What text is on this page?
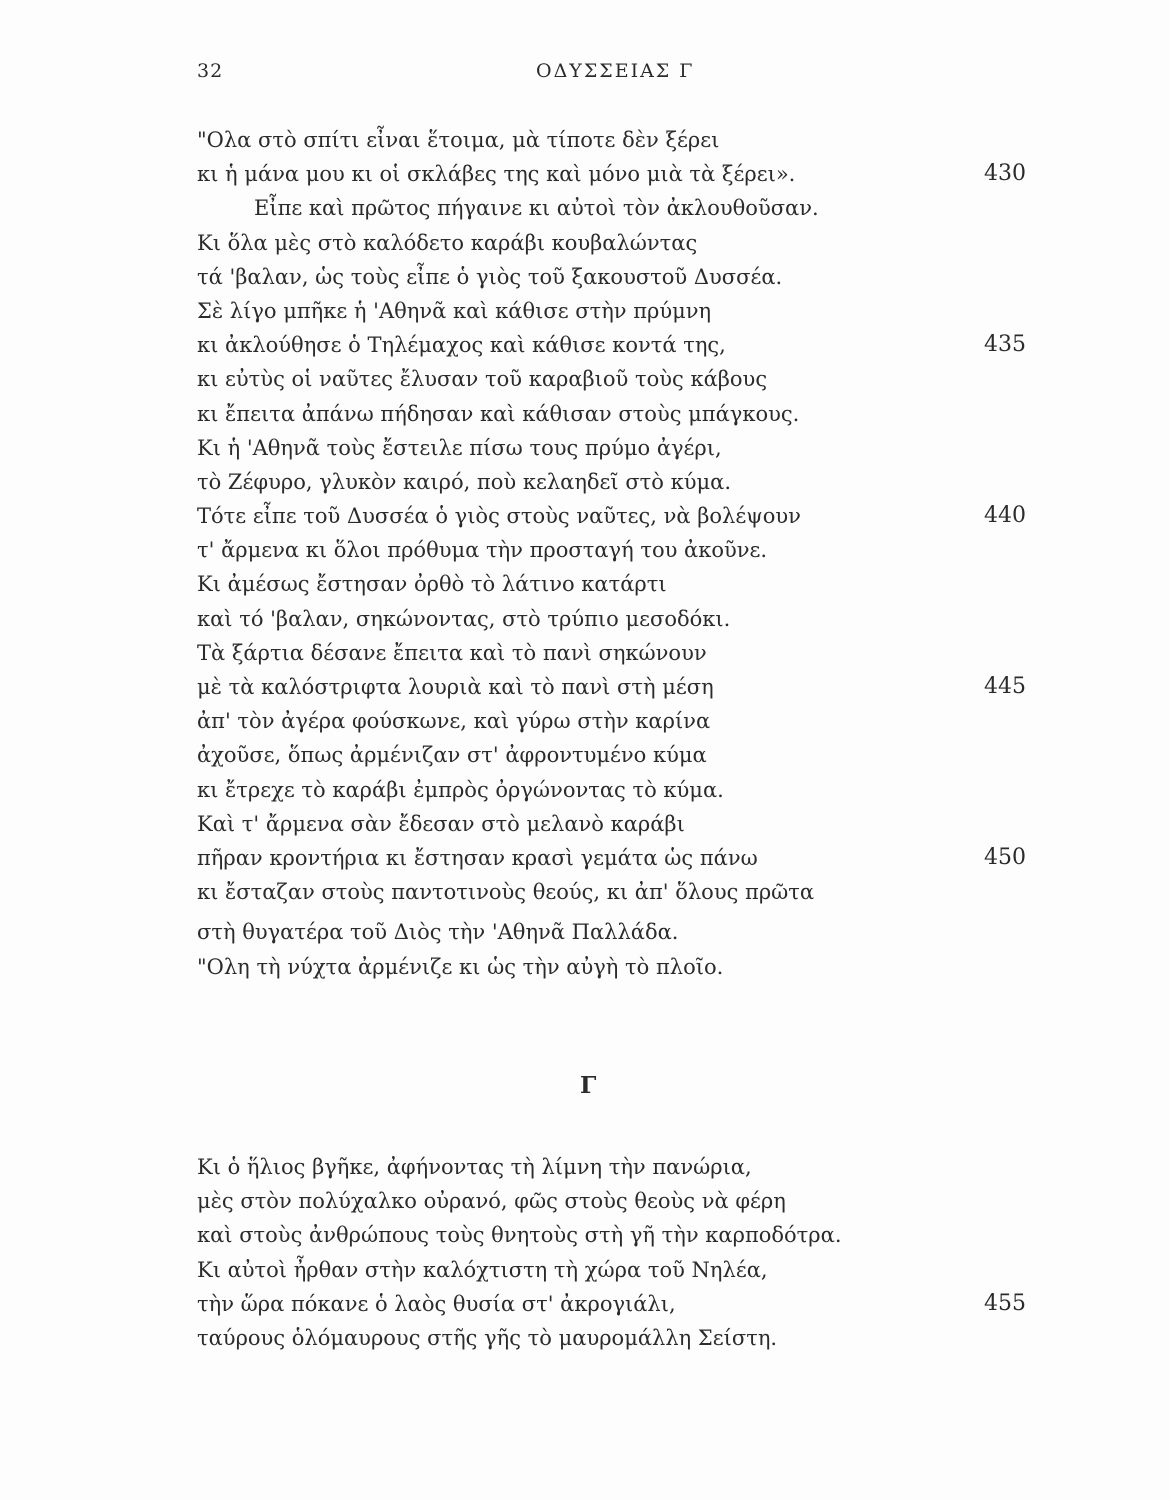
32	ΟΔΥΣΣΕΙΑΣ Γ
"Ολα στὸ σπίτι εἶναι ἕτοιμα, μὰ τίποτε δὲν ξέρει
κι ἡ μάνα μου κι οἱ σκλάβες της καὶ μόνο μιὰ τὰ ξέρει».	430
Εἶπε καὶ πρῶτος πήγαινε κι αὐτοὶ τὸν ἀκλουθοῦσαν.
Κι ὅλα μὲς στὸ καλόδετο καράβι κουβαλώντας
τά 'βαλαν, ὡς τοὺς εἶπε ὁ γιὸς τοῦ ξακουστοῦ Δυσσέα.
Σὲ λίγο μπῆκε ἡ 'Αθηνᾶ καὶ κάθισε στὴν πρύμνη
κι ἀκλούθησε ὁ Τηλέμαχος καὶ κάθισε κοντά της,	435
κι εὐτὺς οἱ ναῦτες ἔλυσαν τοῦ καραβιοῦ τοὺς κάβους
κι ἔπειτα ἀπάνω πήδησαν καὶ κάθισαν στοὺς μπάγκους.
Κι ἡ 'Αθηνᾶ τοὺς ἔστειλε πίσω τους πρύμο ἀγέρι,
τὸ Ζέφυρο, γλυκὸν καιρό, ποὺ κελαηδεῖ στὸ κύμα.
Τότε εἶπε τοῦ Δυσσέα ὁ γιὸς στοὺς ναῦτες, νὰ βολέψουν	440
τ' ἄρμενα κι ὅλοι πρόθυμα τὴν προσταγή του ἀκοῦνε.
Κι ἀμέσως ἔστησαν ὀρθὸ τὸ λάτινο κατάρτι
καὶ τό 'βαλαν, σηκώνοντας, στὸ τρύπιο μεσοδόκι.
Τὰ ξάρτια δέσανε ἔπειτα καὶ τὸ πανὶ σηκώνουν
μὲ τὰ καλόστριφτα λουριὰ καὶ τὸ πανὶ στὴ μέση	445
ἀπ' τὸν ἀγέρα φούσκωνε, καὶ γύρω στὴν καρίνα
ἀχοῦσε, ὅπως ἀρμένιζαν στ' ἀφροντυμένο κύμα
κι ἔτρεχε τὸ καράβι ἐμπρὸς ὀργώνοντας τὸ κύμα.
Καὶ τ' ἄρμενα σὰν ἔδεσαν στὸ μελανὸ καράβι
πῆραν κροντήρια κι ἔστησαν κρασὶ γεμάτα ὡς πάνω	450
κι ἔσταζαν στοὺς παντοτινοὺς θεούς, κι ἀπ' ὅλους πρῶτα
στὴ θυγατέρα τοῦ Διὸς τὴν 'Αθηνᾶ Παλλάδα.
"Ολη τὴ νύχτα ἀρμένιζε κι ὡς τὴν αὐγὴ τὸ πλοῖο.
Γ
Κι ὁ ἥλιος βγῆκε, ἀφήνοντας τὴ λίμνη τὴν πανώρια,
μὲς στὸν πολύχαλκο οὐρανό, φῶς στοὺς θεοὺς νὰ φέρη
καὶ στοὺς ἀνθρώπους τοὺς θνητοὺς στὴ γῆ τὴν καρποδότρα.
Κι αὐτοὶ ἦρθαν στὴν καλόχτιστη τὴ χώρα τοῦ Νηλέα,
τὴν ὥρα πόκανε ὁ λαὸς θυσία στ' ἀκρογιάλι,	455
ταύρους ὁλόμαυρους στῆς γῆς τὸ μαυρομάλλη Σείστη.
